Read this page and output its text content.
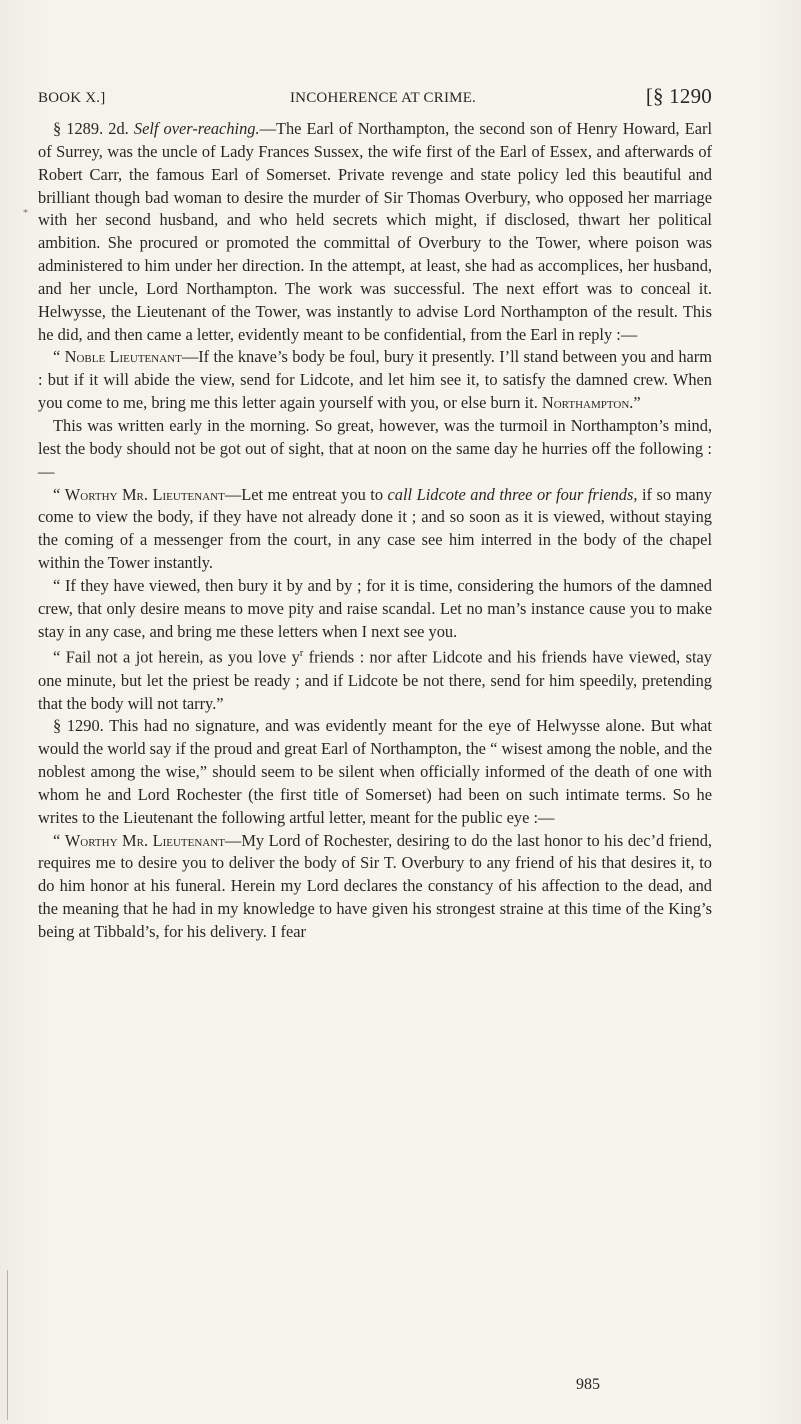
*
BOOK X.]	INCOHERENCE AT CRIME.	[§ 1290

§ 1289. 2d. Self over-reaching.—The Earl of Northampton, the second son of Henry Howard, Earl of Surrey, was the uncle of Lady Frances Sussex, the wife first of the Earl of Essex, and afterwards of Robert Carr, the famous Earl of Somerset. Private revenge and state policy led this beautiful and brilliant though bad woman to desire the murder of Sir Thomas Overbury, who opposed her marriage with her second husband, and who held secrets which might, if disclosed, thwart her political ambition. She procured or promoted the committal of Overbury to the Tower, where poison was administered to him under her direction. In the attempt, at least, she had as accomplices, her husband, and her uncle, Lord Northampton. The work was successful. The next effort was to conceal it. Helwysse, the Lieutenant of the Tower, was instantly to advise Lord Northampton of the result. This he did, and then came a letter, evidently meant to be confidential, from the Earl in reply :—

“ Noble Lieutenant—If the knave’s body be foul, bury it presently. I’ll stand between you and harm : but if it will abide the view, send for Lidcote, and let him see it, to satisfy the damned crew. When you come to me, bring me this letter again yourself with you, or else burn it. Northampton.”

This was written early in the morning. So great, however, was the turmoil in Northampton’s mind, lest the body should not be got out of sight, that at noon on the same day he hurries off the following :—

“ Worthy Mr. Lieutenant—Let me entreat you to call Lidcote and three or four friends, if so many come to view the body, if they have not already done it ; and so soon as it is viewed, without staying the coming of a messenger from the court, in any case see him interred in the body of the chapel within the Tower instantly.

“ If they have viewed, then bury it by and by ; for it is time, considering the humors of the damned crew, that only desire means to move pity and raise scandal. Let no man’s instance cause you to make stay in any case, and bring me these letters when I next see you.

“ Fail not a jot herein, as you love $y^r$ friends : nor after Lidcote and his friends have viewed, stay one minute, but let the priest be ready ; and if Lidcote be not there, send for him speedily, pretending that the body will not tarry.”

§ 1290. This had no signature, and was evidently meant for the eye of Helwysse alone. But what would the world say if the proud and great Earl of Northampton, the “ wisest among the noble, and the noblest among the wise,” should seem to be silent when officially informed of the death of one with whom he and Lord Rochester (the first title of Somerset) had been on such intimate terms. So he writes to the Lieutenant the following artful letter, meant for the public eye :—

“ Worthy Mr. Lieutenant—My Lord of Rochester, desiring to do the last honor to his dec’d friend, requires me to desire you to deliver the body of Sir T. Overbury to any friend of his that desires it, to do him honor at his funeral. Herein my Lord declares the constancy of his affection to the dead, and the meaning that he had in my knowledge to have given his strongest straine at this time of the King’s being at Tibbald’s, for his delivery. I fear

985
